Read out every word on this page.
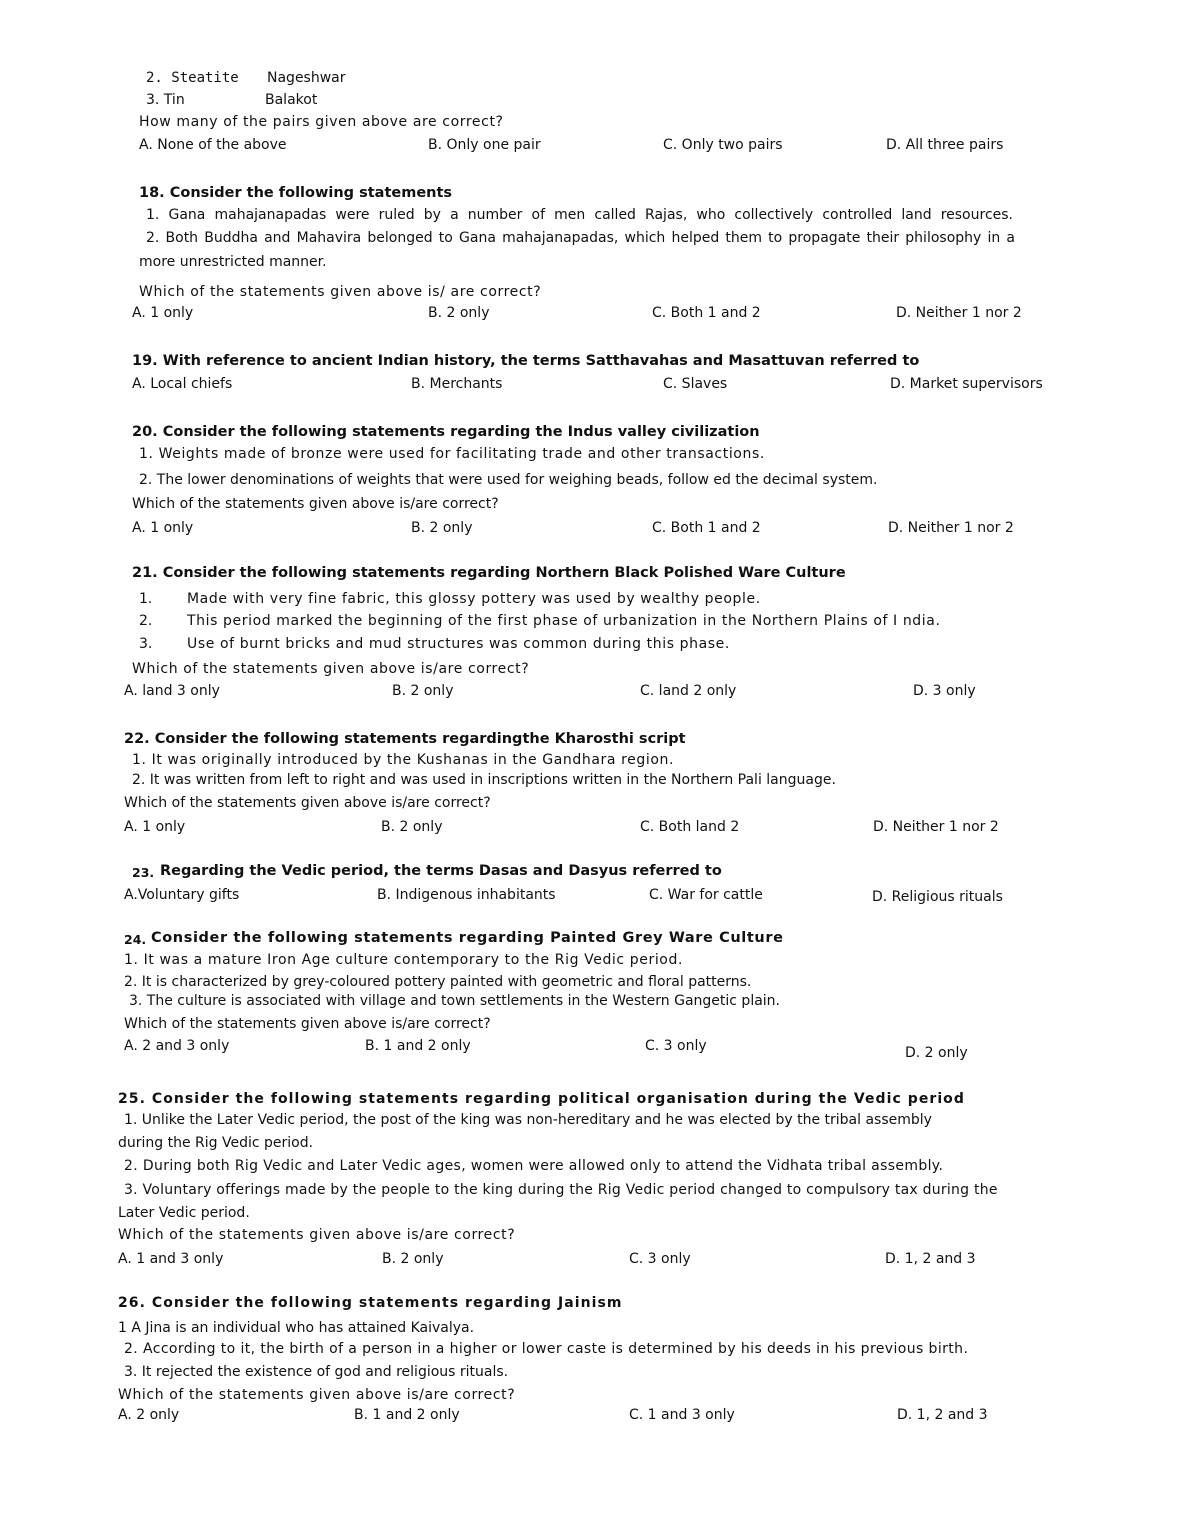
2. Steatite Nageshwar
3. Tin	Balakot
How many of the pairs given above are correct?
A. None of the above	B. Only one pair	C. Only two pairs	D. All three pairs
18. Consider the following statements
1. Gana mahajanapadas were ruled by a number of men called Rajas, who collectively controlled land resources.
2. Both Buddha and Mahavira belonged to Gana mahajanapadas, which helped them to propagate their philosophy in a
more unrestricted manner.
Which of the statements given above is/ are correct?
A. 1 only	B. 2 only	C. Both 1 and 2	D. Neither 1 nor 2
19. With reference to ancient Indian history, the terms Satthavahas and Masattuvan referred to
A. Local chiefs	B. Merchants	C. Slaves	D. Market supervisors
20. Consider the following statements regarding the Indus valley civilization
1. Weights made of bronze were used for facilitating trade and other transactions.
2. The lower denominations of weights that were used for weighing beads, follow ed the decimal system.
Which of the statements given above is/are correct?
A. 1 only	B. 2 only	C. Both 1 and 2	D. Neither 1 nor 2
21. Consider the following statements regarding Northern Black Polished Ware Culture
1. Made with very fine fabric, this glossy pottery was used by wealthy people.
2. This period marked the beginning of the first phase of urbanization in the Northern Plains of I ndia.
3. Use of burnt bricks and mud structures was common during this phase.
Which of the statements given above is/are correct?
A. land 3 only	B. 2 only	C. land 2 only	D. 3 only
22. Consider the following statements regardingthe Kharosthi script
1. It was originally introduced by the Kushanas in the Gandhara region.
2. It was written from left to right and was used in inscriptions written in the Northern Pali language.
Which of the statements given above is/are correct?
A. 1 only	B. 2 only	C. Both land 2	D. Neither 1 nor 2
23. Regarding the Vedic period, the terms Dasas and Dasyus referred to
A.Voluntary gifts	B. Indigenous inhabitants	C. War for cattle	D. Religious rituals
24. Consider the following statements regarding Painted Grey Ware Culture
1. It was a mature Iron Age culture contemporary to the Rig Vedic period.
2. It is characterized by grey-coloured pottery painted with geometric and floral patterns.
3. The culture is associated with village and town settlements in the Western Gangetic plain.
Which of the statements given above is/are correct?
A. 2 and 3 only	B. 1 and 2 only	C. 3 only	D. 2 only
25. Consider the following statements regarding political organisation during the Vedic period
1. Unlike the Later Vedic period, the post of the king was non-hereditary and he was elected by the tribal assembly
during the Rig Vedic period.
2. During both Rig Vedic and Later Vedic ages, women were allowed only to attend the Vidhata tribal assembly.
3. Voluntary offerings made by the people to the king during the Rig Vedic period changed to compulsory tax during the
Later Vedic period.
Which of the statements given above is/are correct?
A. 1 and 3 only	B. 2 only	C. 3 only	D. 1, 2 and 3
26. Consider the following statements regarding Jainism
1 A Jina is an individual who has attained Kaivalya.
2. According to it, the birth of a person in a higher or lower caste is determined by his deeds in his previous birth.
3. It rejected the existence of god and religious rituals.
Which of the statements given above is/are correct?
A. 2 only	B. 1 and 2 only	C. 1 and 3 only	D. 1, 2 and 3
